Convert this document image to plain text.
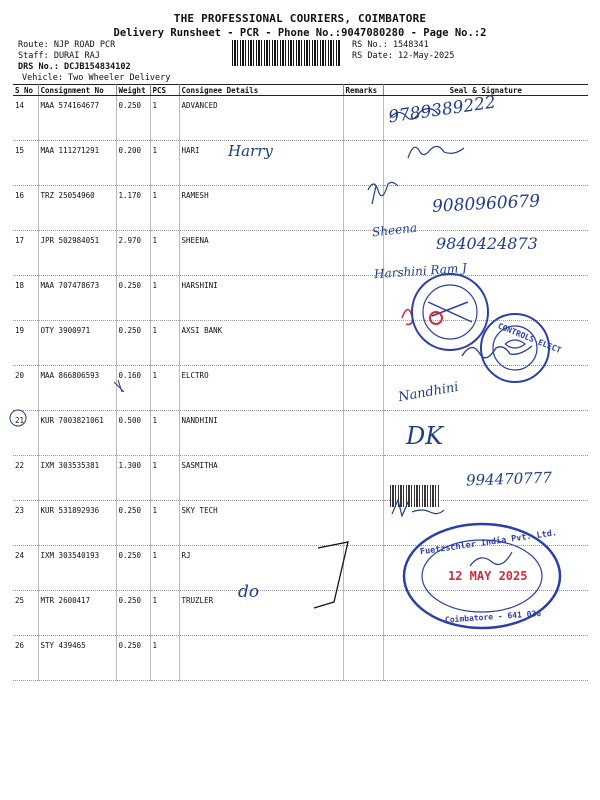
THE PROFESSIONAL COURIERS, COIMBATORE
Delivery Runsheet - PCR - Phone No.:9047080280 - Page No.:2
Route: NJP ROAD PCR
Staff: DURAI RAJ
DRS No.: DCJB154834102
Vehicle: Two Wheeler Delivery
RS No.: 1548341
RS Date: 12-May-2025
S No	Consignment No	Weight	PCS	Consignee Details	Remarks	Seal & Signature
14	MAA 574164677	0.250	1	ADVANCED		
15	MAA 111271291	0.200	1	HARI		
16	TRZ 25054960	1.170	1	RAMESH		
17	JPR 502984051	2.970	1	SHEENA		
18	MAA 707478673	0.250	1	HARSHINI		
19	OTY 3900971	0.250	1	AXSI BANK		
20	MAA 866806593	0.160	1	ELCTRO		
21	KUR 7003821061	0.500	1	NANDHINI		
22	IXM 303535381	1.300	1	SASMITHA		
23	KUR 531892936	0.250	1	SKY TECH		
24	IXM 303540193	0.250	1	RJ		
25	MTR 2600417	0.250	1	TRUZLER		
26	STY 439465	0.250	1			
9789389222
Harry
9080960679
Sheena
9840424873
Harshini Ram J
Nandhini
DK
994470777
do
CONTROLS ELECT
Fuetzschler India Pvt. Ltd.
Coimbatore - 641 036
12 MAY 2025
